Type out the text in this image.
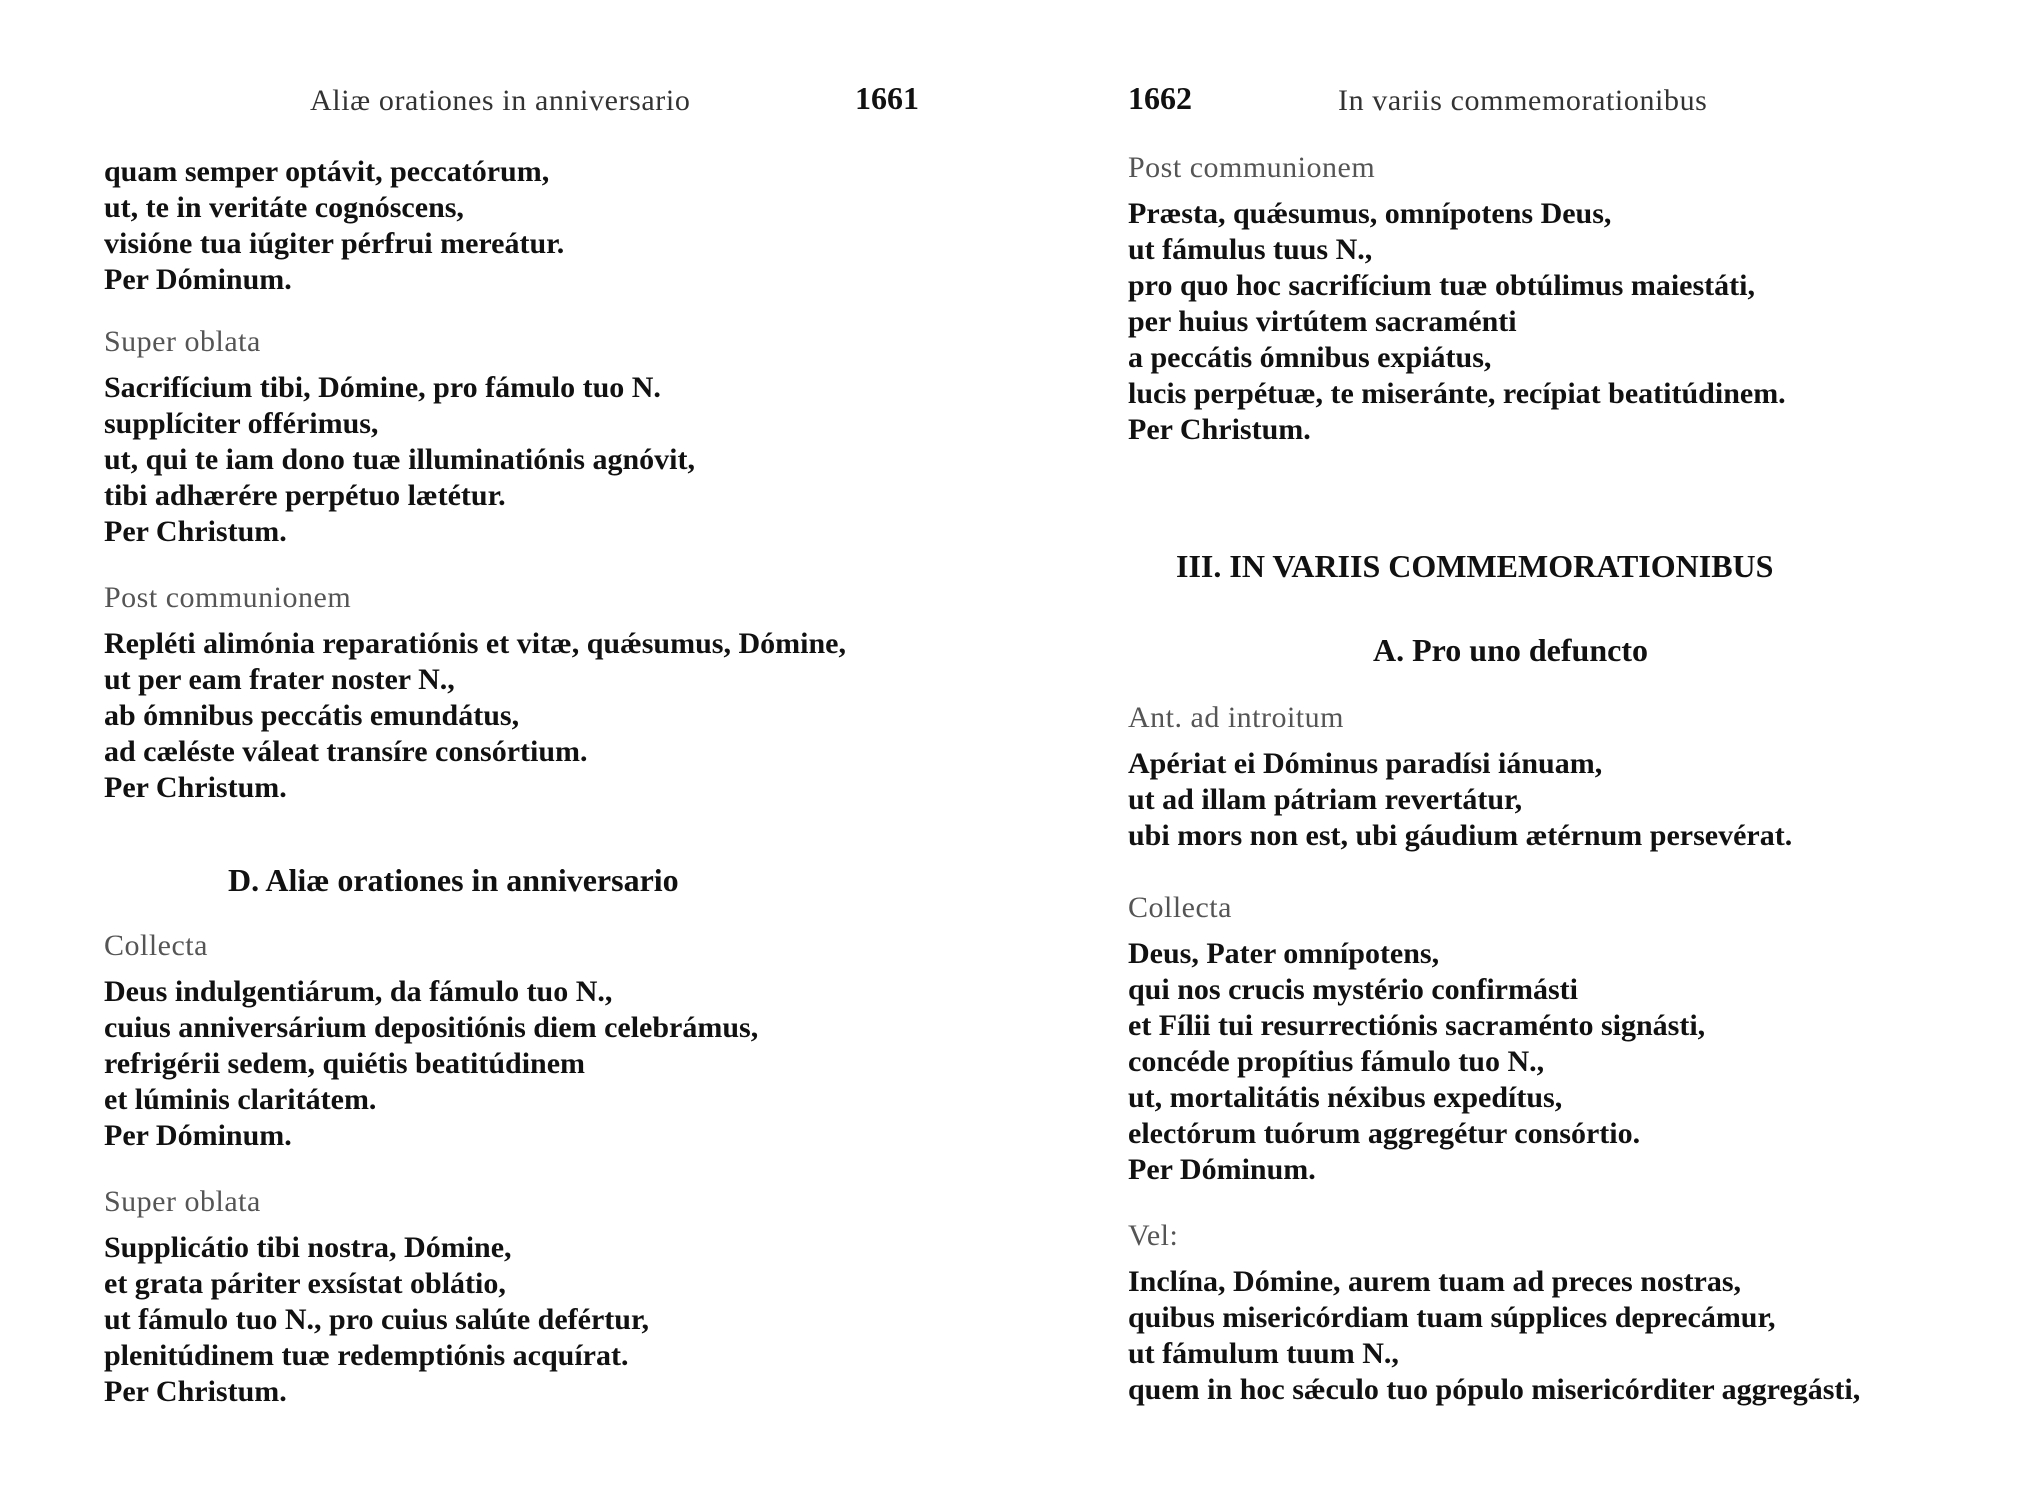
Aliæ orationes in anniversario	1661
quam semper optávit, peccatórum,
ut, te in veritáte cognóscens,
visióne tua iúgiter pérfrui mereátur.
Per Dóminum.
Super oblata
Sacrifícium tibi, Dómine, pro fámulo tuo N.
supplíciter offérimus,
ut, qui te iam dono tuæ illuminatiónis agnóvit,
tibi adhærére perpétuo lætétur.
Per Christum.
Post communionem
Repléti alimónia reparatiónis et vitæ, quǽsumus, Dómine,
ut per eam frater noster N.,
ab ómnibus peccátis emundátus,
ad cæléste váleat transíre consórtium.
Per Christum.
D. Aliæ orationes in anniversario
Collecta
Deus indulgentiárum, da fámulo tuo N.,
cuius anniversárium depositiónis diem celebrámus,
refrigérii sedem, quiétis beatitúdinem
et lúminis claritátem.
Per Dóminum.
Super oblata
Supplicátio tibi nostra, Dómine,
et grata páriter exsístat oblátio,
ut fámulo tuo N., pro cuius salúte defértur,
plenitúdinem tuæ redemptiónis acquírat.
Per Christum.
1662	In variis commemorationibus
Post communionem
Præsta, quǽsumus, omnípotens Deus,
ut fámulus tuus N.,
pro quo hoc sacrifícium tuæ obtúlimus maiestáti,
per huius virtútem sacraménti
a peccátis ómnibus expiátus,
lucis perpétuæ, te miseránte, recípiat beatitúdinem.
Per Christum.
III. IN VARIIS COMMEMORATIONIBUS
A. Pro uno defuncto
Ant. ad introitum
Apériat ei Dóminus paradísi iánuam,
ut ad illam pátriam revertátur,
ubi mors non est, ubi gáudium ætérnum persevérat.
Collecta
Deus, Pater omnípotens,
qui nos crucis mystério confirmásti
et Fílii tui resurrectiónis sacraménto signásti,
concéde propítius fámulo tuo N.,
ut, mortalitátis néxibus expedítus,
electórum tuórum aggregétur consórtio.
Per Dóminum.
Vel:
Inclína, Dómine, aurem tuam ad preces nostras,
quibus misericórdiam tuam súpplices deprecámur,
ut fámulum tuum N.,
quem in hoc sǽculo tuo pópulo misericórditer aggregásti,
